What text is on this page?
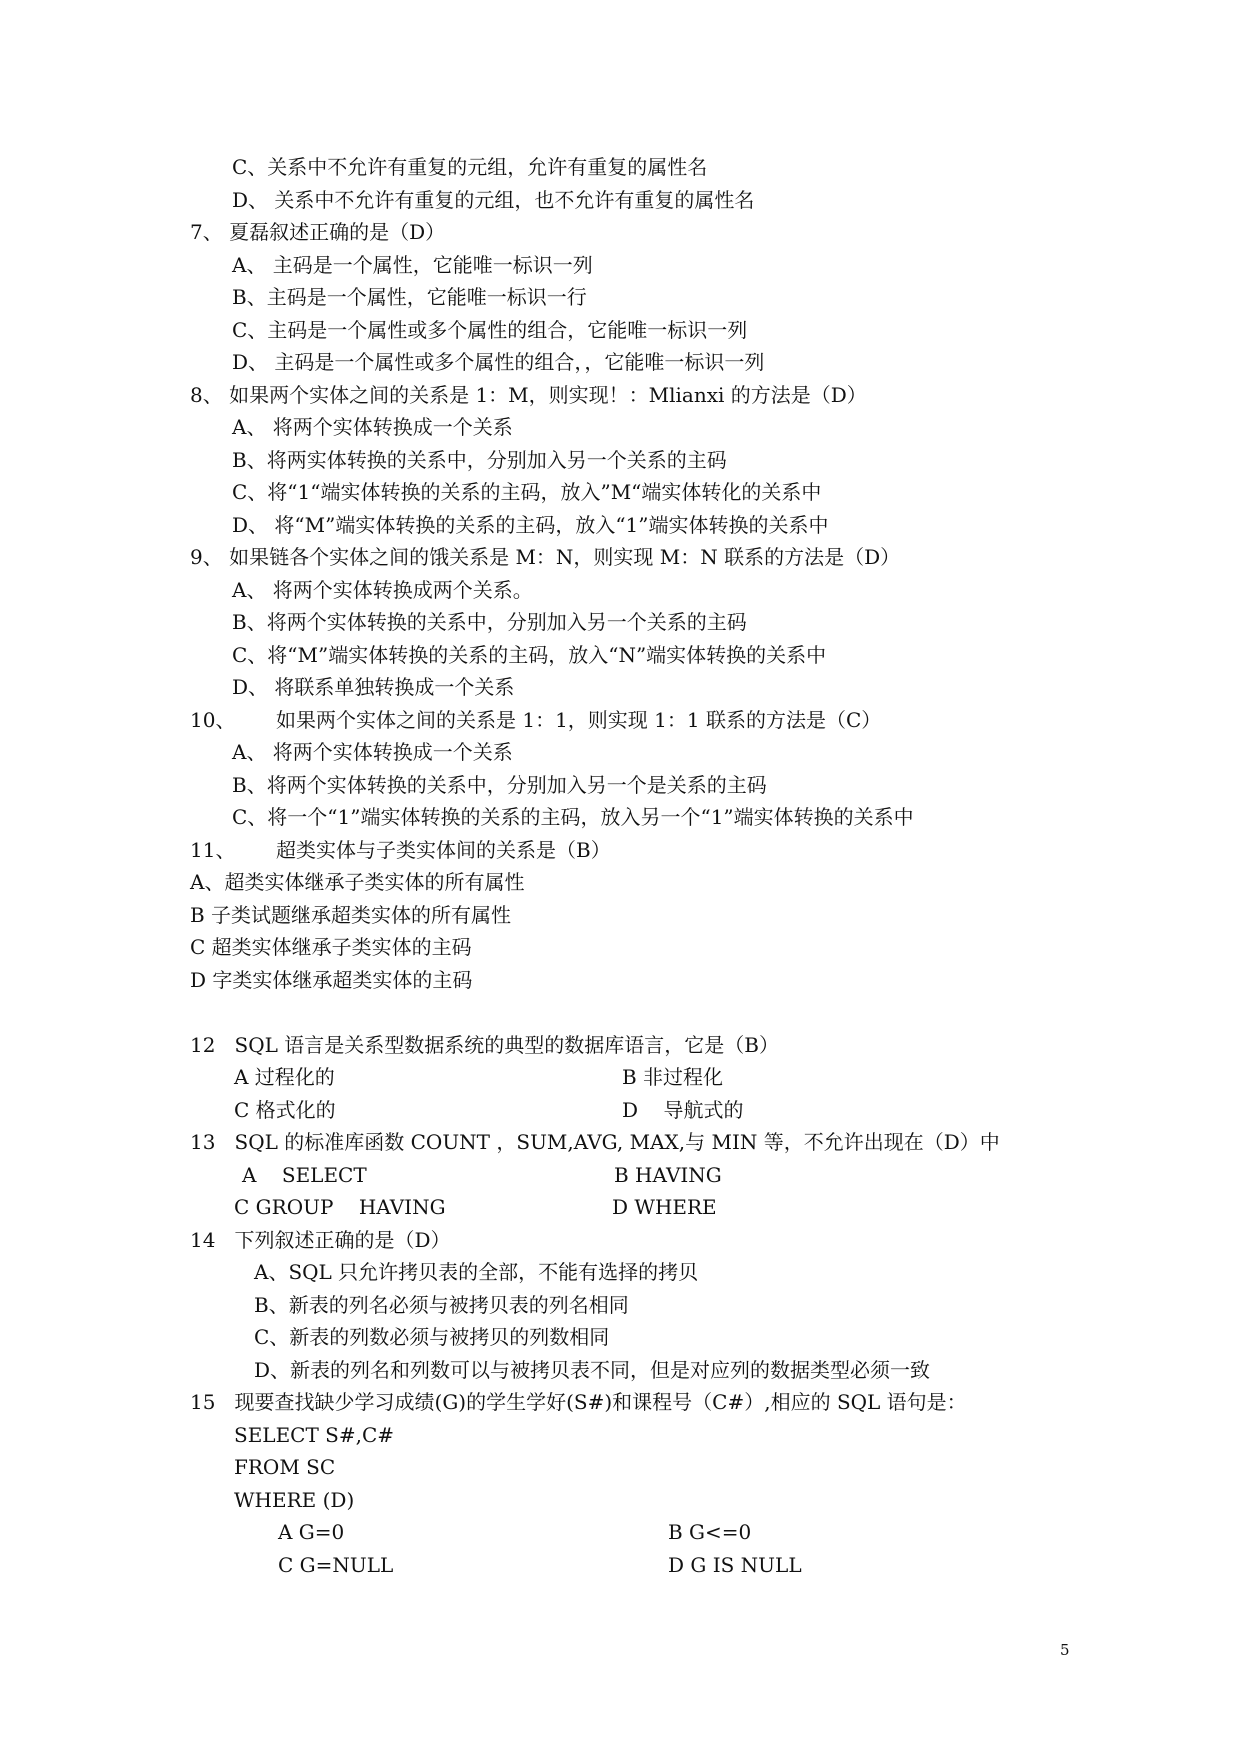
C、关系中不允许有重复的元组，允许有重复的属性名
D、 关系中不允许有重复的元组，也不允许有重复的属性名
7、 夏磊叙述正确的是（D）
A、 主码是一个属性，它能唯一标识一列
B、主码是一个属性，它能唯一标识一行
C、主码是一个属性或多个属性的组合，它能唯一标识一列
D、 主码是一个属性或多个属性的组合，，它能唯一标识一列
8、 如果两个实体之间的关系是 1：M，则实现！：Mlianxi 的方法是（D）
A、 将两个实体转换成一个关系
B、将两实体转换的关系中，分别加入另一个关系的主码
C、将“1“端实体转换的关系的主码，放入”M“端实体转化的关系中
D、 将“M”端实体转换的关系的主码，放入“1”端实体转换的关系中
9、 如果链各个实体之间的饿关系是 M：N，则实现 M：N 联系的方法是（D）
A、 将两个实体转换成两个关系。
B、将两个实体转换的关系中，分别加入另一个关系的主码
C、将“M”端实体转换的关系的主码，放入“N”端实体转换的关系中
D、 将联系单独转换成一个关系
10、 如果两个实体之间的关系是 1：1，则实现 1：1 联系的方法是（C）
A、 将两个实体转换成一个关系
B、将两个实体转换的关系中，分别加入另一个是关系的主码
C、将一个“1”端实体转换的关系的主码，放入另一个“1”端实体转换的关系中
11、 超类实体与子类实体间的关系是（B）
A、超类实体继承子类实体的所有属性
B 子类试题继承超类实体的所有属性
C 超类实体继承子类实体的主码
D 字类实体继承超类实体的主码
12   SQL 语言是关系型数据系统的典型的数据库语言，它是（B）
A 过程化的	B 非过程化
C 格式化的	D    导航式的
13   SQL 的标准库函数 COUNT ，SUM,AVG, MAX,与 MIN 等，不允许出现在（D）中
A    SELECT	B HAVING
C GROUP    HAVING	D WHERE
14   下列叙述正确的是（D）
A、SQL 只允许拷贝表的全部，不能有选择的拷贝
B、新表的列名必须与被拷贝表的列名相同
C、新表的列数必须与被拷贝的列数相同
D、新表的列名和列数可以与被拷贝表不同，但是对应列的数据类型必须一致
15   现要查找缺少学习成绩(G)的学生学好(S#)和课程号（C#）,相应的 SQL 语句是：
SELECT S#,C#
FROM SC
WHERE (D)
A G=0	B G<=0
C G=NULL	D G IS NULL
5
